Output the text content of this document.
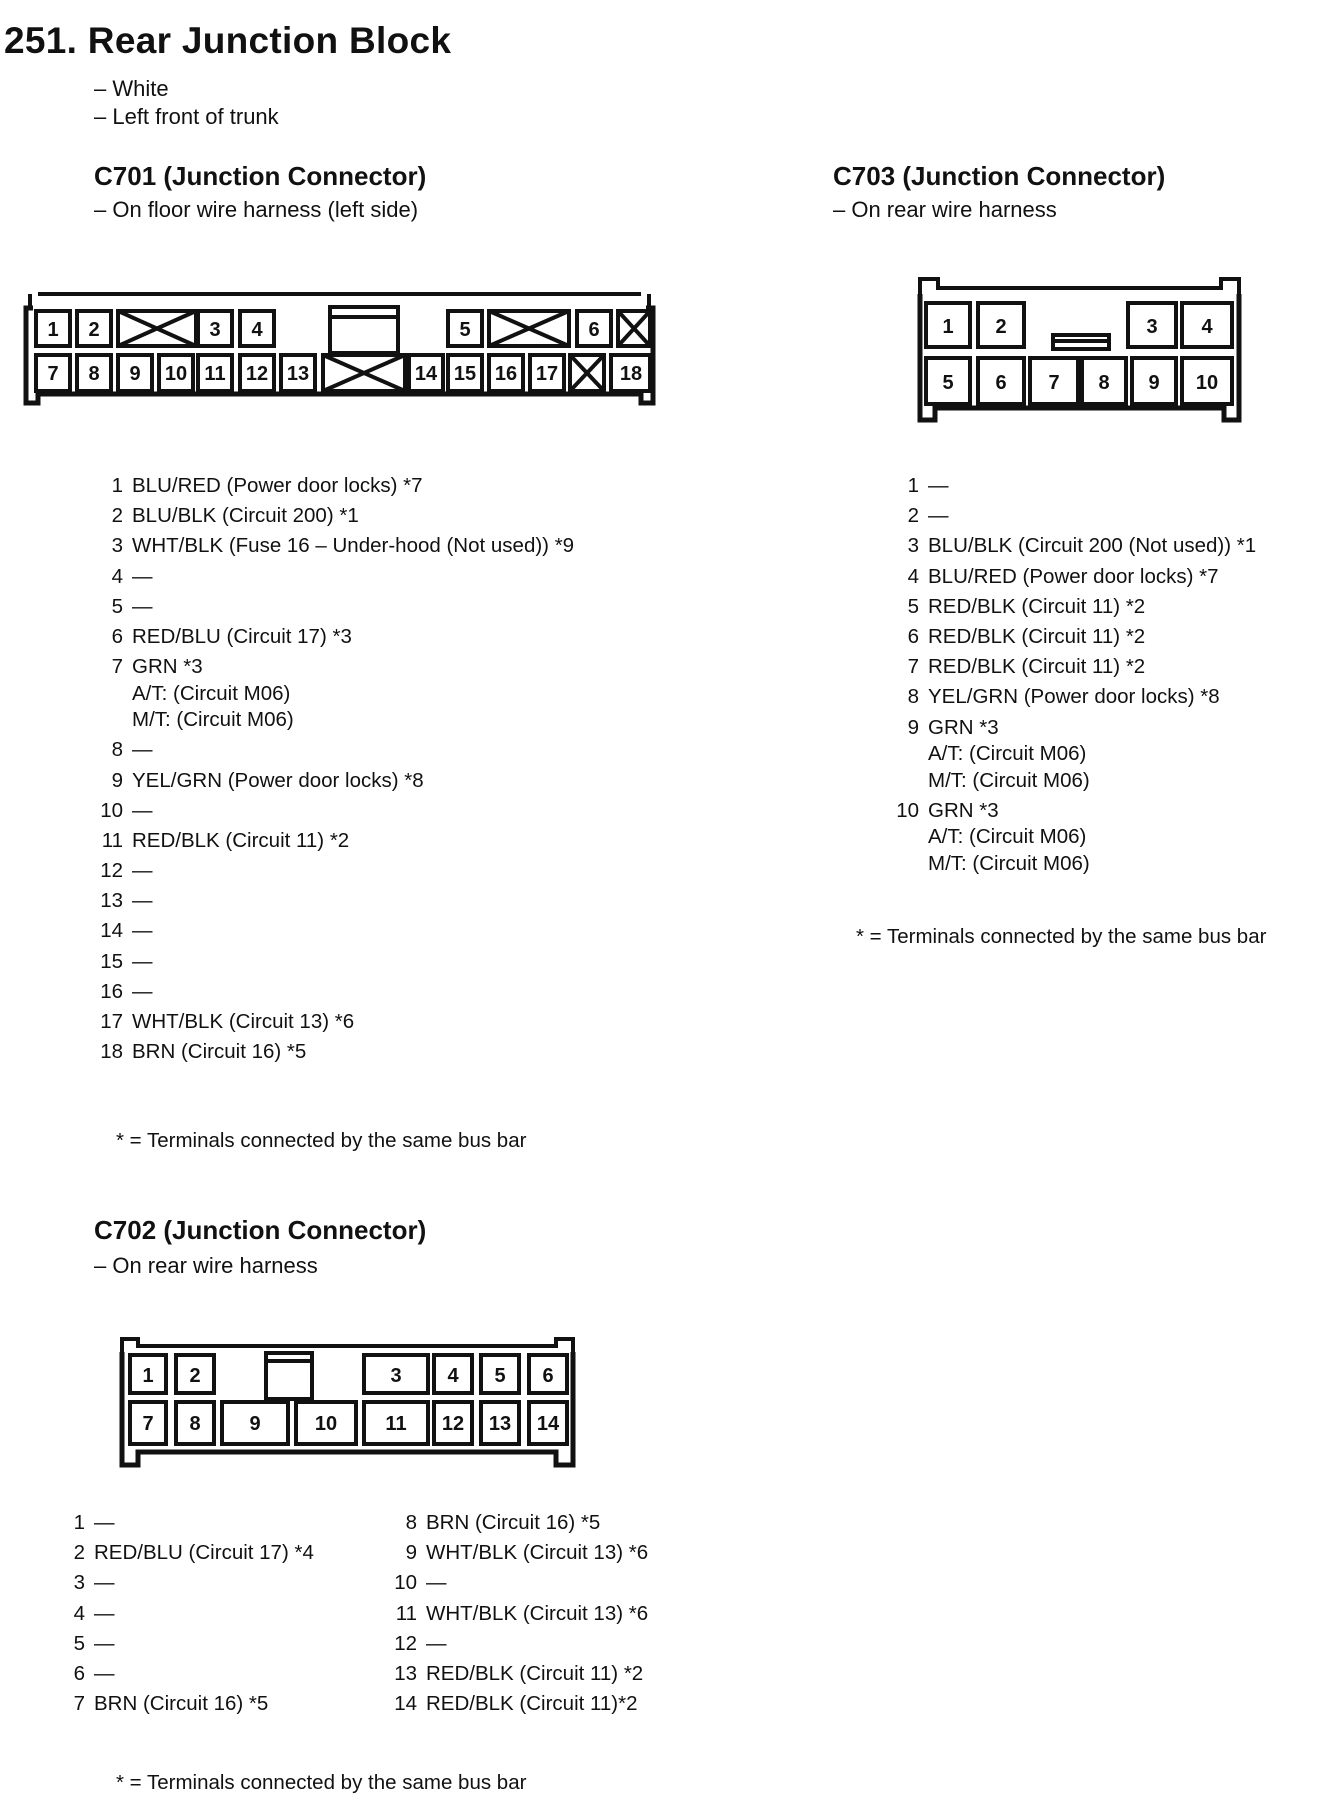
251. Rear Junction Block
– White
– Left front of trunk
C701 (Junction Connector)
– On floor wire harness (left side)
1 2	3 4	5	6
7 8 9 10 11 12 13	14 15 16 17	18
1 BLU/RED (Power door locks) *7
2 BLU/BLK (Circuit 200) *1
3 WHT/BLK (Fuse 16 – Under-hood (Not used)) *9
4 —
5 —
6 RED/BLU (Circuit 17) *3
7 GRN *3
A/T: (Circuit M06)
M/T: (Circuit M06)
8 —
9 YEL/GRN (Power door locks) *8
10 —
11 RED/BLK (Circuit 11) *2
12 —
13 —
14 —
15 —
16 —
17 WHT/BLK (Circuit 13) *6
18 BRN (Circuit 16) *5
* = Terminals connected by the same bus bar
C703 (Junction Connector)
– On rear wire harness
1 2	3 4
5 6 7 8 9 10
1 —
2 —
3 BLU/BLK (Circuit 200 (Not used)) *1
4 BLU/RED (Power door locks) *7
5 RED/BLK (Circuit 11) *2
6 RED/BLK (Circuit 11) *2
7 RED/BLK (Circuit 11) *2
8 YEL/GRN (Power door locks) *8
9 GRN *3
A/T: (Circuit M06)
M/T: (Circuit M06)
10 GRN *3
A/T: (Circuit M06)
M/T: (Circuit M06)
* = Terminals connected by the same bus bar
C702 (Junction Connector)
– On rear wire harness
1 2	3 4 5 6
7 8 9	10 11 12 13 14
1 —
2 RED/BLU (Circuit 17) *4
3 —
4 —
5 —
6 —
7 BRN (Circuit 16) *5
8 BRN (Circuit 16) *5
9 WHT/BLK (Circuit 13) *6
10 —
11 WHT/BLK (Circuit 13) *6
12 —
13 RED/BLK (Circuit 11) *2
14 RED/BLK (Circuit 11)*2
* = Terminals connected by the same bus bar
